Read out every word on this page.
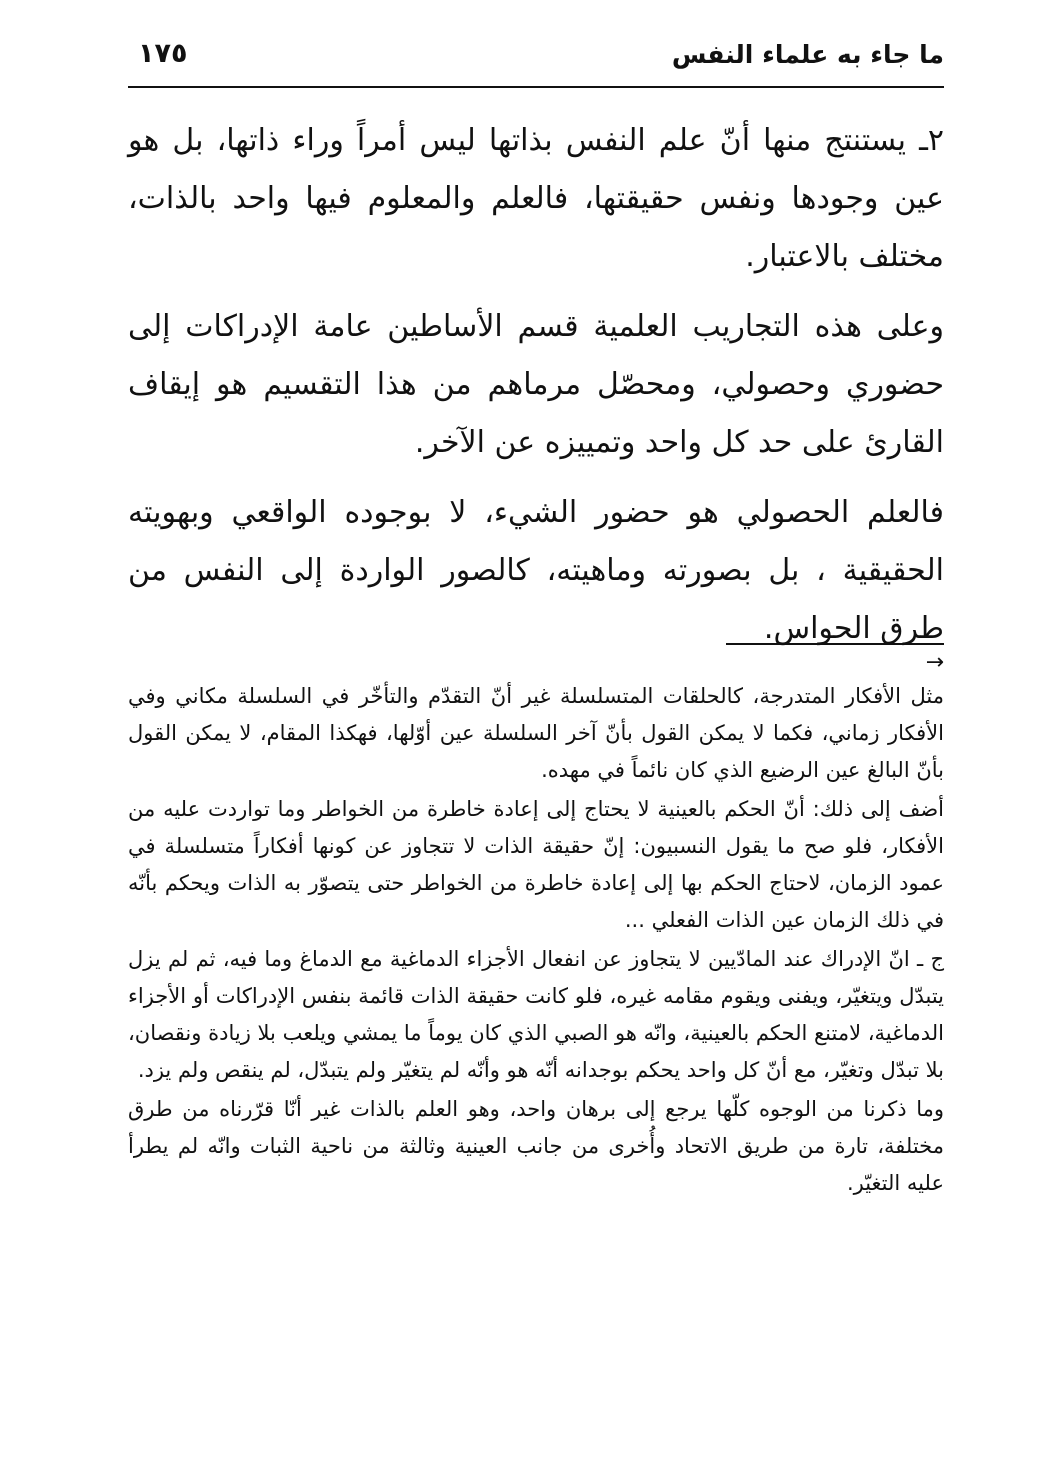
ما جاء به علماء النفس
١٧٥

٢ـ يستنتج منها أنّ علم النفس بذاتها ليس أمراً وراء ذاتها، بل هو عين وجودها ونفس حقيقتها، فالعلم والمعلوم فيها واحد بالذات، مختلف بالاعتبار.

وعلى هذه التجاريب العلمية قسم الأساطين عامة الإدراكات إلى حضوري وحصولي، ومحصّل مرماهم من هذا التقسيم هو إيقاف القارئ على حد كل واحد وتمييزه عن الآخر.

فالعلم الحصولي هو حضور الشيء، لا بوجوده الواقعي وبهويته الحقيقية ، بل بصورته وماهيته، كالصور الواردة إلى النفس من طرق الحواس.

→

مثل الأفكار المتدرجة، كالحلقات المتسلسلة غير أنّ التقدّم والتأخّر في السلسلة مكاني وفي الأفكار زماني، فكما لا يمكن القول بأنّ آخر السلسلة عين أوّلها، فهكذا المقام، لا يمكن القول بأنّ البالغ عين الرضيع الذي كان نائماً في مهده.

أضف إلى ذلك: أنّ الحكم بالعينية لا يحتاج إلى إعادة خاطرة من الخواطر وما تواردت عليه من الأفكار، فلو صح ما يقول النسبيون: إنّ حقيقة الذات لا تتجاوز عن كونها أفكاراً متسلسلة في عمود الزمان، لاحتاج الحكم بها إلى إعادة خاطرة من الخواطر حتى يتصوّر به الذات ويحكم بأنّه في ذلك الزمان عين الذات الفعلي ...

ج ـ انّ الإدراك عند المادّيين لا يتجاوز عن انفعال الأجزاء الدماغية مع الدماغ وما فيه، ثم لم يزل يتبدّل ويتغيّر، ويفنى ويقوم مقامه غيره، فلو كانت حقيقة الذات قائمة بنفس الإدراكات أو الأجزاء الدماغية، لامتنع الحكم بالعينية، وانّه هو الصبي الذي كان يوماً ما يمشي ويلعب بلا زيادة ونقصان، بلا تبدّل وتغيّر، مع أنّ كل واحد يحكم بوجدانه أنّه هو وأنّه لم يتغيّر ولم يتبدّل، لم ينقص ولم يزد.

وما ذكرنا من الوجوه كلّها يرجع إلى برهان واحد، وهو العلم بالذات غير أنّا قرّرناه من طرق مختلفة، تارة من طريق الاتحاد وأُخرى من جانب العينية وثالثة من ناحية الثبات وانّه لم يطرأ عليه التغيّر.
